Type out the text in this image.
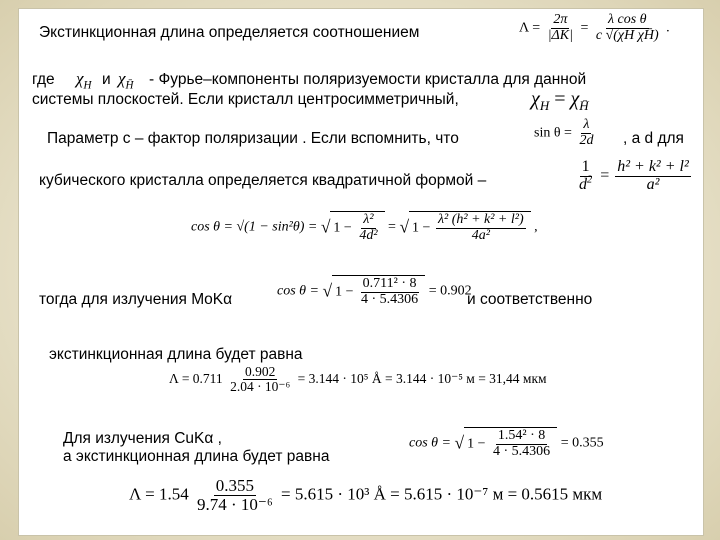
Экстинкционная длина определяется соотношением	$\Lambda = \frac{2\pi}{|\Delta K|} = \frac{\text{λ cos θ}}{\text{c √(χH χH̄)}}$ .
где $\chi_H$ и $\chi_{H̄}$ - Фурье–компоненты поляризуемости кристалла для данной
системы плоскостей. Если кристалл центросимметричный,	$\chi_H = \chi_{H̄}$
Параметр с – фактор поляризации . Если вспомнить, что	$\sin \theta = \frac{\lambda}{2d}$ , а d для
кубического кристалла определяется квадратичной формой –	$\frac{1}{d^2} = \frac{\text{h² + k² + l²}}{\text{a²}}$
cos θ = √(1 − sin²θ) = √ $1 - \frac{\text{λ²}}{\text{4d²}}$ = √ $1 - \frac{\text{λ² (h² + k² + l²)}}{\text{4a²}}$ ,
тогда для излучения MoKα
cos θ = √ $1 - \frac{\text{0.711² · 8}}{4 \cdot 5.4306} = 0.902$
и соответственно
экстинкционная длина будет равна
$\Lambda = 0.711 \frac{0.902}{\text{2.04 · 10⁻⁶}} = 3.144 \cdot 10^5$ Å = 3.144 · 10⁻⁵ м = 31,44 мкм
Для излучения CuKα ,
а экстинкционная длина будет равна
cos θ = √ $1 - \frac{\text{1.54² · 8}}{4 \cdot 5.4306} = 0.355$
$\Lambda = 1.54 \frac{0.355}{\text{9.74 · 10⁻⁶}} = 5.615 \cdot 10^3$ Å = 5.615 · 10⁻⁷ м = 0.5615 мкм
